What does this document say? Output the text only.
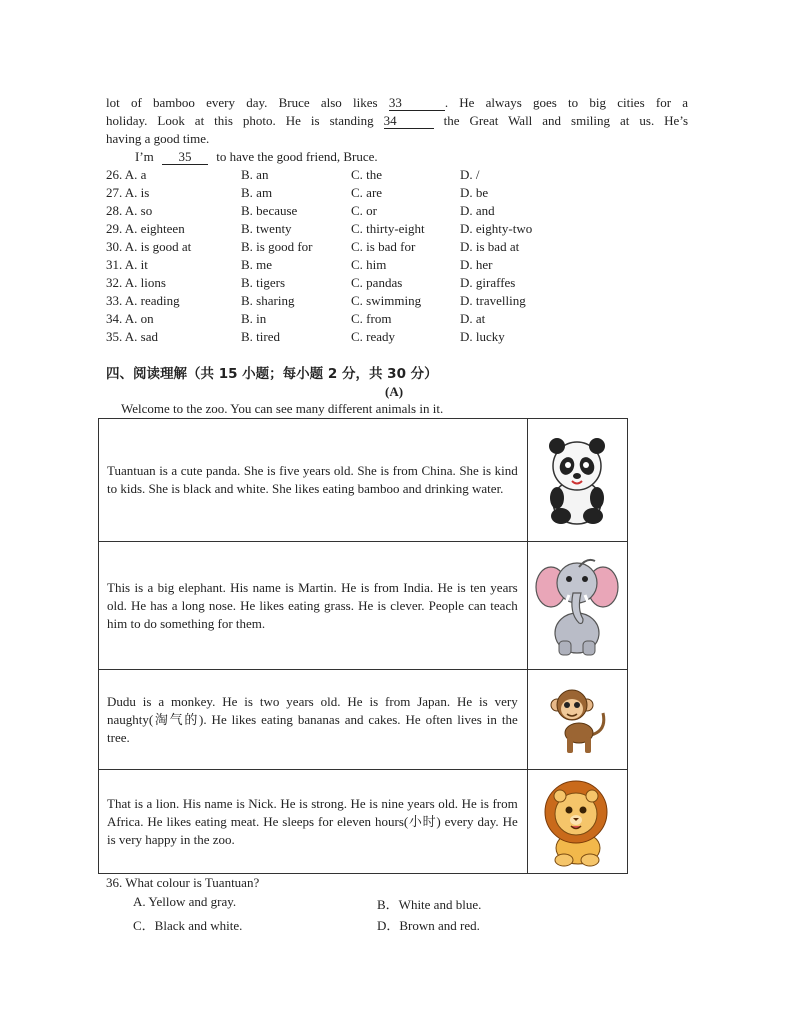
lot of bamboo every day. Bruce also likes 33	. He always goes to big cities for a
holiday. Look at this photo. He is standing 34	the Great Wall and smiling at us. He’s
having a good time.
I’m 35 to have the good friend, Bruce.
26. A. a	B. an	C. the	D. /
27. A. is	B. am	C. are	D. be
28. A. so	B. because	C. or	D. and
29. A. eighteen	B. twenty	C. thirty-eight	D. eighty-two
30. A. is good at	B. is good for	C. is bad for	D. is bad at
31. A. it	B. me	C. him	D. her
32. A. lions	B. tigers	C. pandas	D. giraffes
33. A. reading	B. sharing	C. swimming	D. travelling
34. A. on	B. in	C. from	D. at
35. A. sad	B. tired	C. ready	D. lucky
四、阅读理解（共 15 小题；每小题 2 分，共 30 分）
(A)
Welcome to the zoo. You can see many different animals in it.
Tuantuan is a cute panda. She is five years old. She is from China. She is kind to kids. She is black and white. She likes eating bamboo and drinking water.	

This is a big elephant. His name is Martin. He is from India. He is ten years old. He has a long nose. He likes eating grass. He is clever. People can teach him to do something for them.	

Dudu is a monkey. He is two years old. He is from Japan. He is very naughty(淘气的). He likes eating bananas and cakes. He often lives in the tree.	

That is a lion. His name is Nick. He is strong. He is nine years old. He is from Africa. He likes eating meat. He sleeps for eleven hours(小时) every day. He is very happy in the zoo.	
36. What colour is Tuantuan?
A. Yellow and gray.	B．White and blue.
C．Black and white.	D．Brown and red.
